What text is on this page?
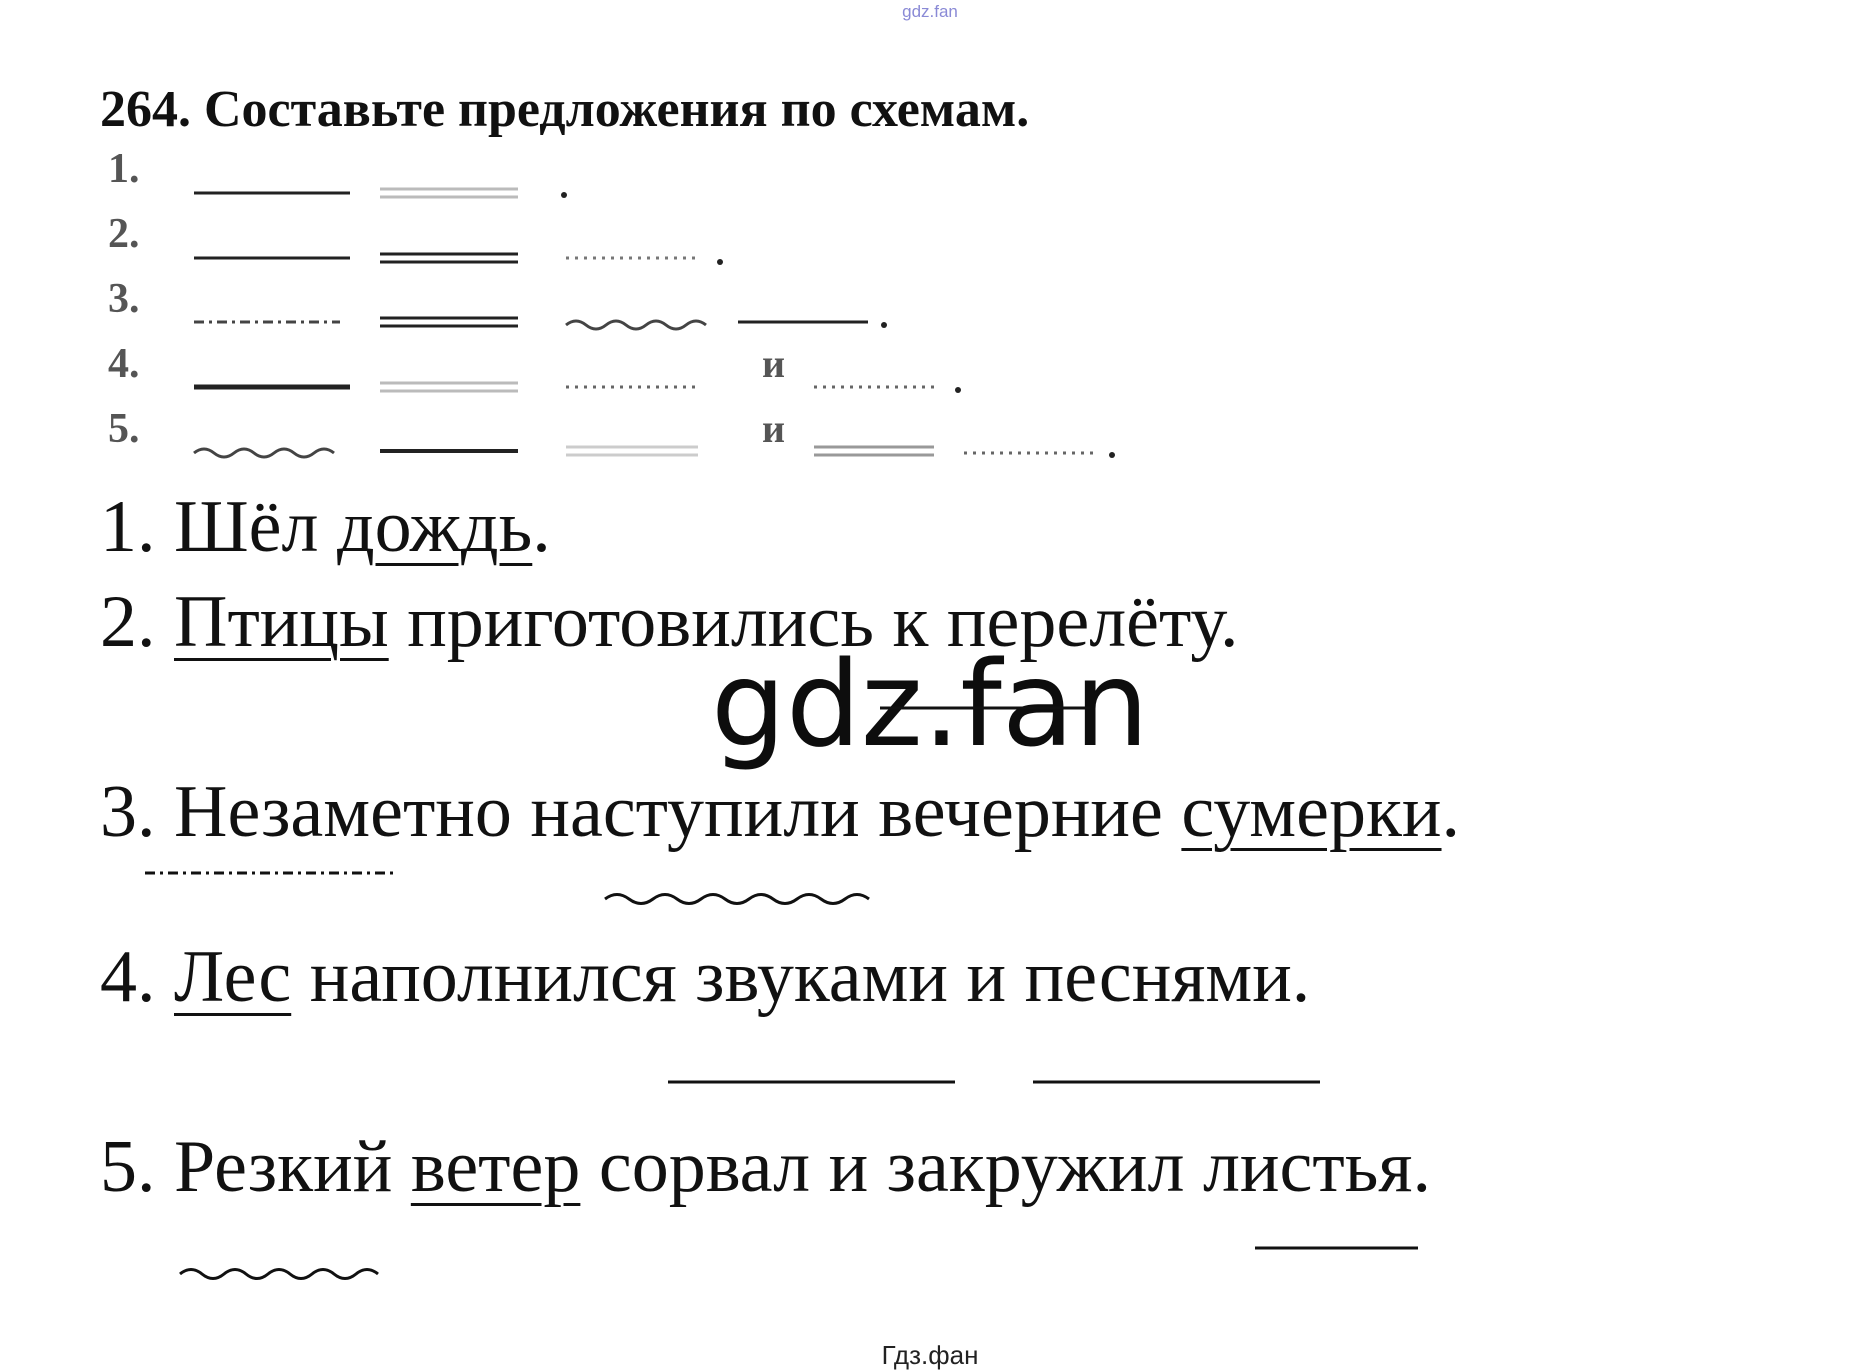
gdz.fan
264. Составьте предложения по схемам.
1.
2.
3.
4.
5.
и
и
1. Шёл дождь.
2. Птицы приготовились к перелёту.
gdz.fan
3. Незаметно наступили вечерние сумерки.
4. Лес наполнился звуками и песнями.
5. Резкий ветер сорвал и закружил листья.
Гдз.фан
